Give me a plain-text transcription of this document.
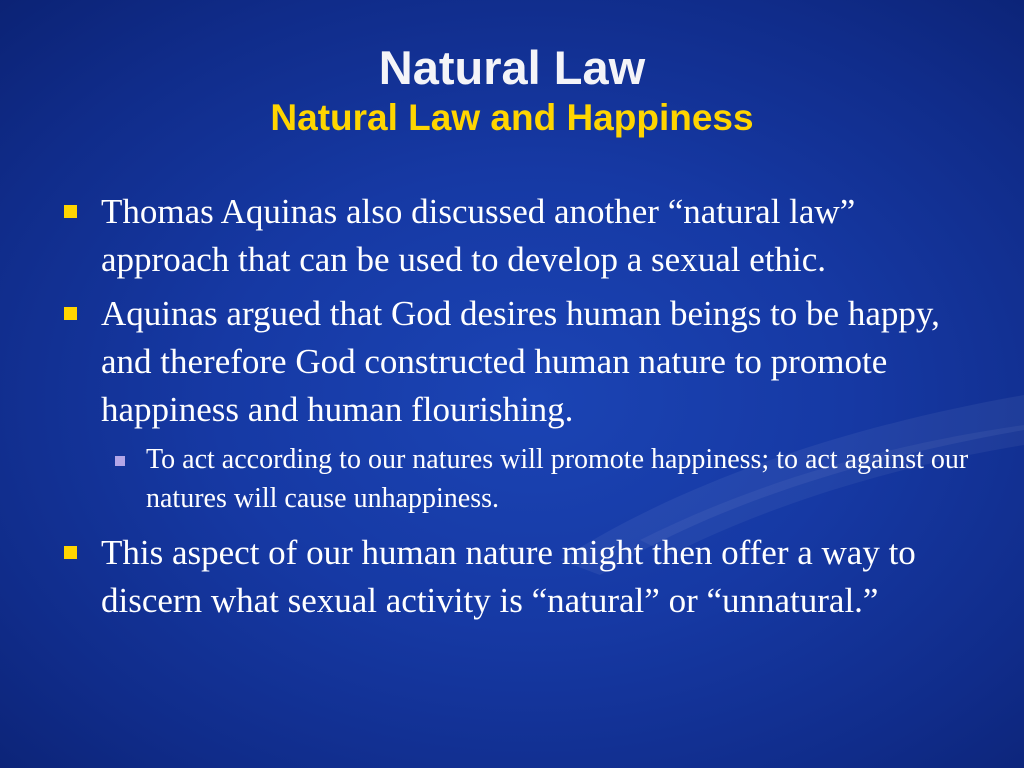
Natural Law
Natural Law and Happiness

Thomas Aquinas also discussed another “natural law” approach that can be used to develop a sexual ethic.

Aquinas argued that God desires human beings to be happy, and therefore God constructed human nature to promote happiness and human flourishing.

To act according to our natures will promote happiness; to act against our natures will cause unhappiness.

This aspect of our human nature might then offer a way to discern what sexual activity is “natural” or “unnatural.”
